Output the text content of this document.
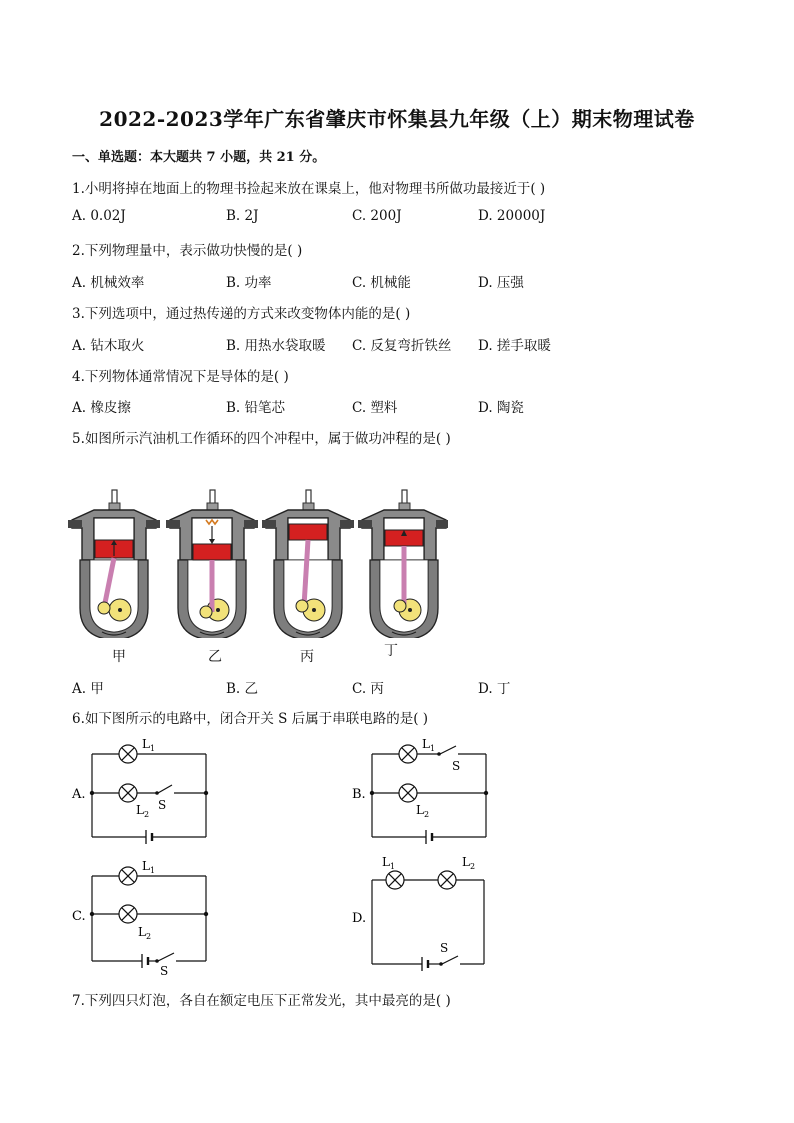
2022-2023学年广东省肇庆市怀集县九年级（上）期末物理试卷
一、单选题：本大题共 7 小题，共 21 分。
1.小明将掉在地面上的物理书捡起来放在课桌上，他对物理书所做功最接近于( )
A. 0.02J	B. 2J	C. 200J	D. 20000J
2.下列物理量中，表示做功快慢的是( )
A. 机械效率	B. 功率	C. 机械能	D. 压强
3.下列选项中，通过热传递的方式来改变物体内能的是( )
A. 钻木取火	B. 用热水袋取暖 C. 反复弯折铁丝 D. 搓手取暖
4.下列物体通常情况下是导体的是( )
A. 橡皮擦	B. 铅笔芯	C. 塑料	D. 陶瓷
5.如图所示汽油机工作循环的四个冲程中，属于做功冲程的是( )
甲	乙	丙	丁
A. 甲	B. 乙	C. 丙	D. 丁
6.如下图所示的电路中，闭合开关 S 后属于串联电路的是( )
A.	B.
C.	D.
L 1
L 2
S
L 1
L 2
S
L 1
L 2
S
L 1	L 2
S
7.下列四只灯泡，各自在额定电压下正常发光，其中最亮的是( )
